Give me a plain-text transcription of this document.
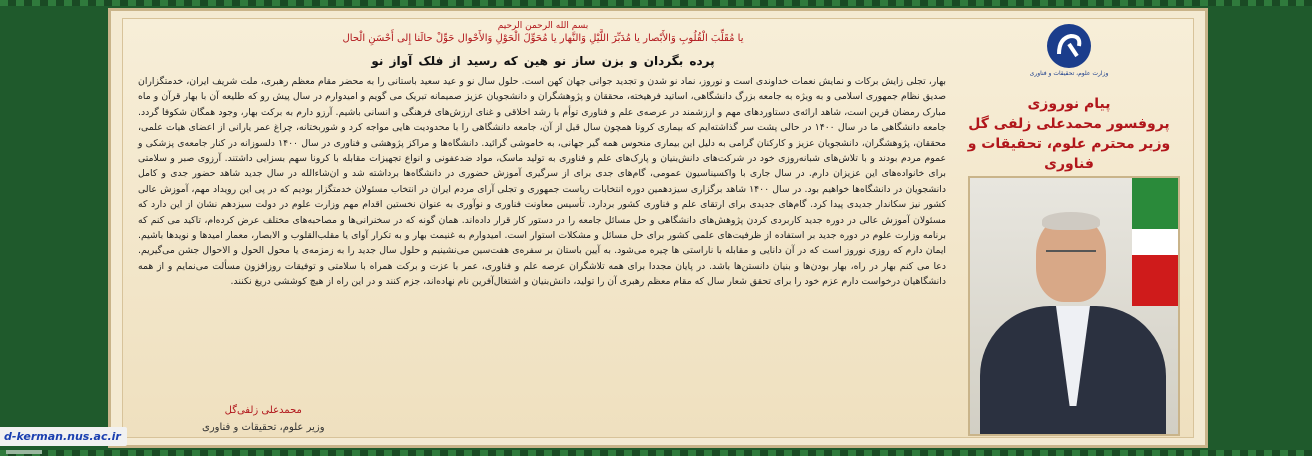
بسم الله الرحمن الرحیم
یا مُقَلِّبَ الْقُلُوبِ وَالأَبْصار یا مُدَبِّرَ اللَّیْلِ وَالنَّهار یا مُحَوِّلَ الْحَوْلِ وَالأَحْوال حَوِّلْ حالَنا إِلی أَحْسَنِ الْحال
پرده بگردان و بزن ساز نو هین که رسید از فلک آواز نو

بهار، تجلی زایش برکات و نمایش نعمات خداوندی است و نوروز، نماد نو شدن و تجدید جوانی جهان کهن است. حلول سال نو و عید سعید باستانی را به محضر مقام معظم رهبری، ملت شریف ایران، خدمتگزاران صدیق نظام جمهوری اسلامی و به ویژه به جامعه بزرگ دانشگاهی، اساتید فرهیخته، محققان و پژوهشگران و دانشجویان عزیز صمیمانه تبریک می گویم و امیدوارم در سال پیش رو که طلیعه آن با بهار قرآن و ماه مبارک رمضان قرین است، شاهد ارائه‌ی دستاوردهای مهم و ارزشمند در عرصه‌ی علم و فناوری توأم با رشد اخلاقی و غنای ارزش‌های فرهنگی و انسانی باشیم. آرزو دارم به برکت بهار، وجود همگان شکوفا گردد. جامعه دانشگاهی ما در سال ۱۴۰۰ در حالی پشت سر گذاشته‌ایم که بیماری کرونا همچون سال قبل از آن، جامعه دانشگاهی را با محدودیت هایی مواجه کرد و شوربختانه، چراغ عمر یارانی از اعضای هیات علمی، محققان، پژوهشگران، دانشجویان عزیز و کارکنان گرامی به دلیل این بیماری منحوس همه گیر جهانی، به خاموشی گرائید. دانشگاه‌ها و مراکز پژوهشی و فناوری در سال ۱۴۰۰ دلسوزانه در کنار جامعه‌ی پزشکی و عموم مردم بودند و با تلاش‌های شبانه‌روزی خود در شرکت‌های دانش‌بنیان و پارک‌های علم و فناوری به تولید ماسک، مواد ضدعفونی و انواع تجهیزات مقابله با کرونا سهم بسزایی داشتند. آرزوی صبر و سلامتی برای خانواده‌های این عزیزان دارم. در سال جاری با واکسیناسیون عمومی، گام‌های جدی برای از سرگیری آموزش حضوری در دانشگاه‌ها برداشته شد و ان‌شاءالله در سال جدید شاهد حضور جدی و کامل دانشجویان در دانشگاه‌ها خواهیم بود. در سال ۱۴۰۰ شاهد برگزاری سیزدهمین دوره انتخابات ریاست جمهوری و تجلی آرای مردم ایران در انتخاب مسئولان خدمتگزار بودیم که در پی این رویداد مهم، آموزش عالی کشور نیز سکاندار جدیدی پیدا کرد. گام‌های جدیدی برای ارتقای علم و فناوری کشور بردارد. تأسیس معاونت فناوری و نوآوری به عنوان نخستین اقدام مهم وزارت علوم در دولت سیزدهم نشان از این دارد که مسئولان آموزش عالی در دوره جدید کاربردی کردن پژوهش‌های دانشگاهی و حل مسائل جامعه را در دستور کار قرار داده‌اند. همان گونه که در سخنرانی‌ها و مصاحبه‌های مختلف عرض کرده‌ام، تاکید می کنم که برنامه وزارت علوم در دوره جدید بر استفاده از ظرفیت‌های علمی کشور برای حل مسائل و مشکلات استوار است. امیدوارم به غنیمت بهار و به تکرار آوای یا مقلب‌القلوب و الابصار، معمار امیدها و نویدها باشیم. ایمان دارم که روزی نوروز است که در آن دانایی و مقابله با ناراستی ها چیره می‌شود. به آیین باستان بر سفره‌ی هفت‌سین می‌نشینیم و حلول سال جدید را به زمزمه‌ی یا محول الحول و الاحوال جشن می‌گیریم. دعا می کنم بهار در راه، بهار بودن‌ها و بنیان دانستن‌ها باشد. در پایان مجددا برای همه تلاشگران عرصه علم و فناوری، عمر با عزت و برکت همراه با سلامتی و توفیقات روزافزون مسألت می‌نمایم و از همه دانشگاهیان درخواست دارم عزم خود را برای تحقق شعار سال که مقام معظم رهبری آن را تولید، دانش‌بنیان و اشتغال‌آفرین نام نهاده‌اند، جزم کنند و در این راه از هیچ کوششی دریغ نکنند.

محمدعلی زلفی‌گل
وزیر علوم، تحقیقات و فناوری
وزارت علوم، تحقیقات و فناوری
پیام نوروزی
پروفسور محمدعلی زلفی گل
وزیر محترم علوم، تحقیقات و فناوری
d-kerman.nus.ac.ir
